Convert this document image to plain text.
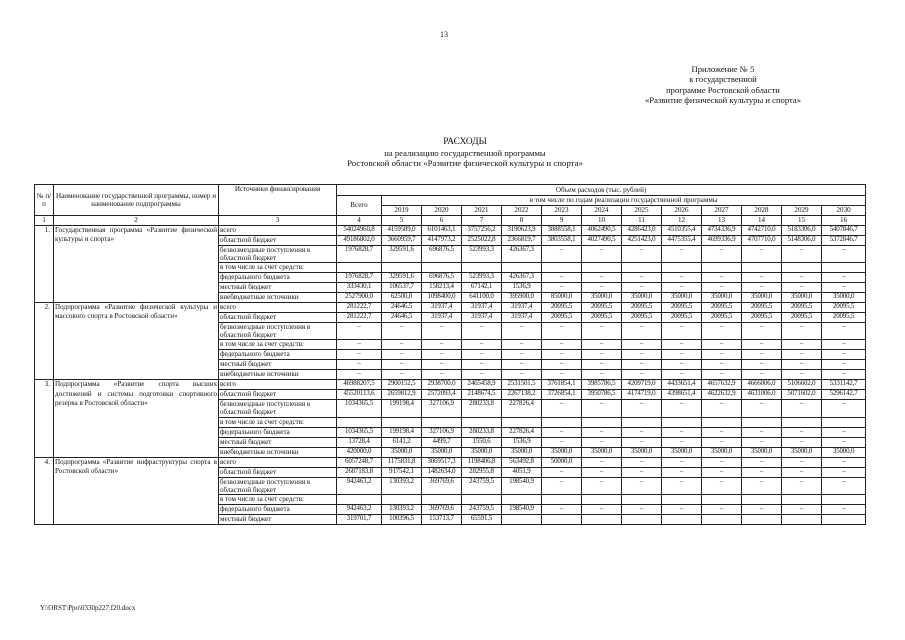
13
Приложение № 5
к государственной
программе Ростовской области
«Развитие физической культуры и спорта»
РАСХОДЫ
на реализацию государственной программы
Ростовской области «Развитие физической культуры и спорта»
№ п/п	Наименование государственной программы, номер и наименование подпрограммы	Источники финансирования	Объем расходов (тыс. рублей)												
			Всего	в том числе по годам реализации государственной программы											
				2019	2020	2021	2022	2023	2024	2025	2026	2027	2028	2029	2030
1	2	3	4	5	6	7	8	9	10	11	12	13	14	15	16
1.	Государственная программа «Развитие физической культуры и спорта»	всего	54024960,8	4159589,0	6101463,1	3757256,2	3190623,9	3888558,1	4062490,5	4286423,0	4510355,4	4734336,9	4742710,0	5183306,0	5407846,7
		областной бюджет	49186802,0	3660959,7	4147973,2	2525022,8	2366819,7	3803558,1	4027490,5	4251423,0	4475355,4	4699336,9	4707710,0	5148306,0	5372846,7
		безвозмездные поступления в областной бюджет	1976828,7	329591,6	696876,5	523993,3	426367,3	–	–	–	–	–	–	–	–
		в том числе за счет средств:													
		федерального бюджета	1976828,7	329591,6	696876,5	523993,3	426367,3	–	–	–	–	–	–	–	–
		местный бюджет	333430,1	106537,7	158213,4	67142,1	1536,9	–	–	–	–	–	–	–	–
		внебюджетные источники	2527900,0	62500,0	1098400,0	641100,0	395900,0	85000,0	35000,0	35000,0	35000,0	35000,0	35000,0	35000,0	35000,0
2.	Подпрограмма «Развитие физической культуры и массового спорта в Ростовской области»	всего	281222,7	24646,5	31937,4	31937,4	31937,4	20095,5	20095,5	20095,5	20095,5	20095,5	20095,5	20095,5	20095,5
		областной бюджет	281222,7	24646,5	31937,4	31937,4	31937,4	20095,5	20095,5	20095,5	20095,5	20095,5	20095,5	20095,5	20095,5
		безвозмездные поступления в областной бюджет	–	–	–	–	–	–	–	–	–	–	–	–	–
		в том числе за счет средств:	–	–	–	–	–	–	–	–	–	–	–	–	–
		федерального бюджета	–	–	–	–	–	–	–	–	–	–	–	–	–
		местный бюджет	–	–	–	–	–	–	–	–	–	–	–	–	–
		внебюджетные источники	–	–	–	–	–	–	–	–	–	–	–	–	–
3.	Подпрограмма «Развитие спорта высших достижений и системы подготовки спортивного резерва в Ростовской области»	всего	46988207,5	2900152,5	2938700,0	2465458,9	2531501,5	3761854,1	3985786,5	4209719,0	4433651,4	4657632,9	4666006,0	5106602,0	5331142,7
		областной бюджет	45520113,6	2659812,9	2572093,4	2148674,5	2267138,2	3726854,1	3950786,5	4174719,0	4398651,4	4622632,9	4631006,0	5071602,0	5296142,7
		безвозмездные поступления в областной бюджет	1034365,5	199198,4	327106,9	280233,8	227826,4	–	–	–	–	–	–	–	–
		в том числе за счет средств:													
		федерального бюджета	1034365,5	199198,4	327106,9	280233,8	227826,4	–	–	–	–	–	–	–	–
		местный бюджет	13728,4	6141,2	4499,7	1550,6	1536,9	–	–	–	–	–	–	–	–
		внебюджетные источники	420000,0	35000,0	35000,0	35000,0	35000,0	35000,0	35000,0	35000,0	35000,0	35000,0	35000,0	35000,0	35000,0
4.	Подпрограмма «Развитие инфраструктуры спорта в Ростовской области»	всего	6057248,7	1175831,8	3069517,3	1198406,8	563492,8	50000,0	–	–	–	–	–	–	–
		областной бюджет	2687183,8	917542,1	1482634,0	282955,8	4051,9	–	–	–	–	–	–	–	–
		безвозмездные поступления в областной бюджет	942463,2	130393,2	369769,6	243759,5	198540,9	–	–	–	–	–	–	–	–
		в том числе за счет средств:													
		федерального бюджета	942463,2	130393,2	369769,6	243759,5	198540,9	–	–	–	–	–	–	–	–
		местный бюджет	319701,7	100396,5	153713,7	65591,5									
Y:\ORST\Ppo\0330p227.f20.docx
